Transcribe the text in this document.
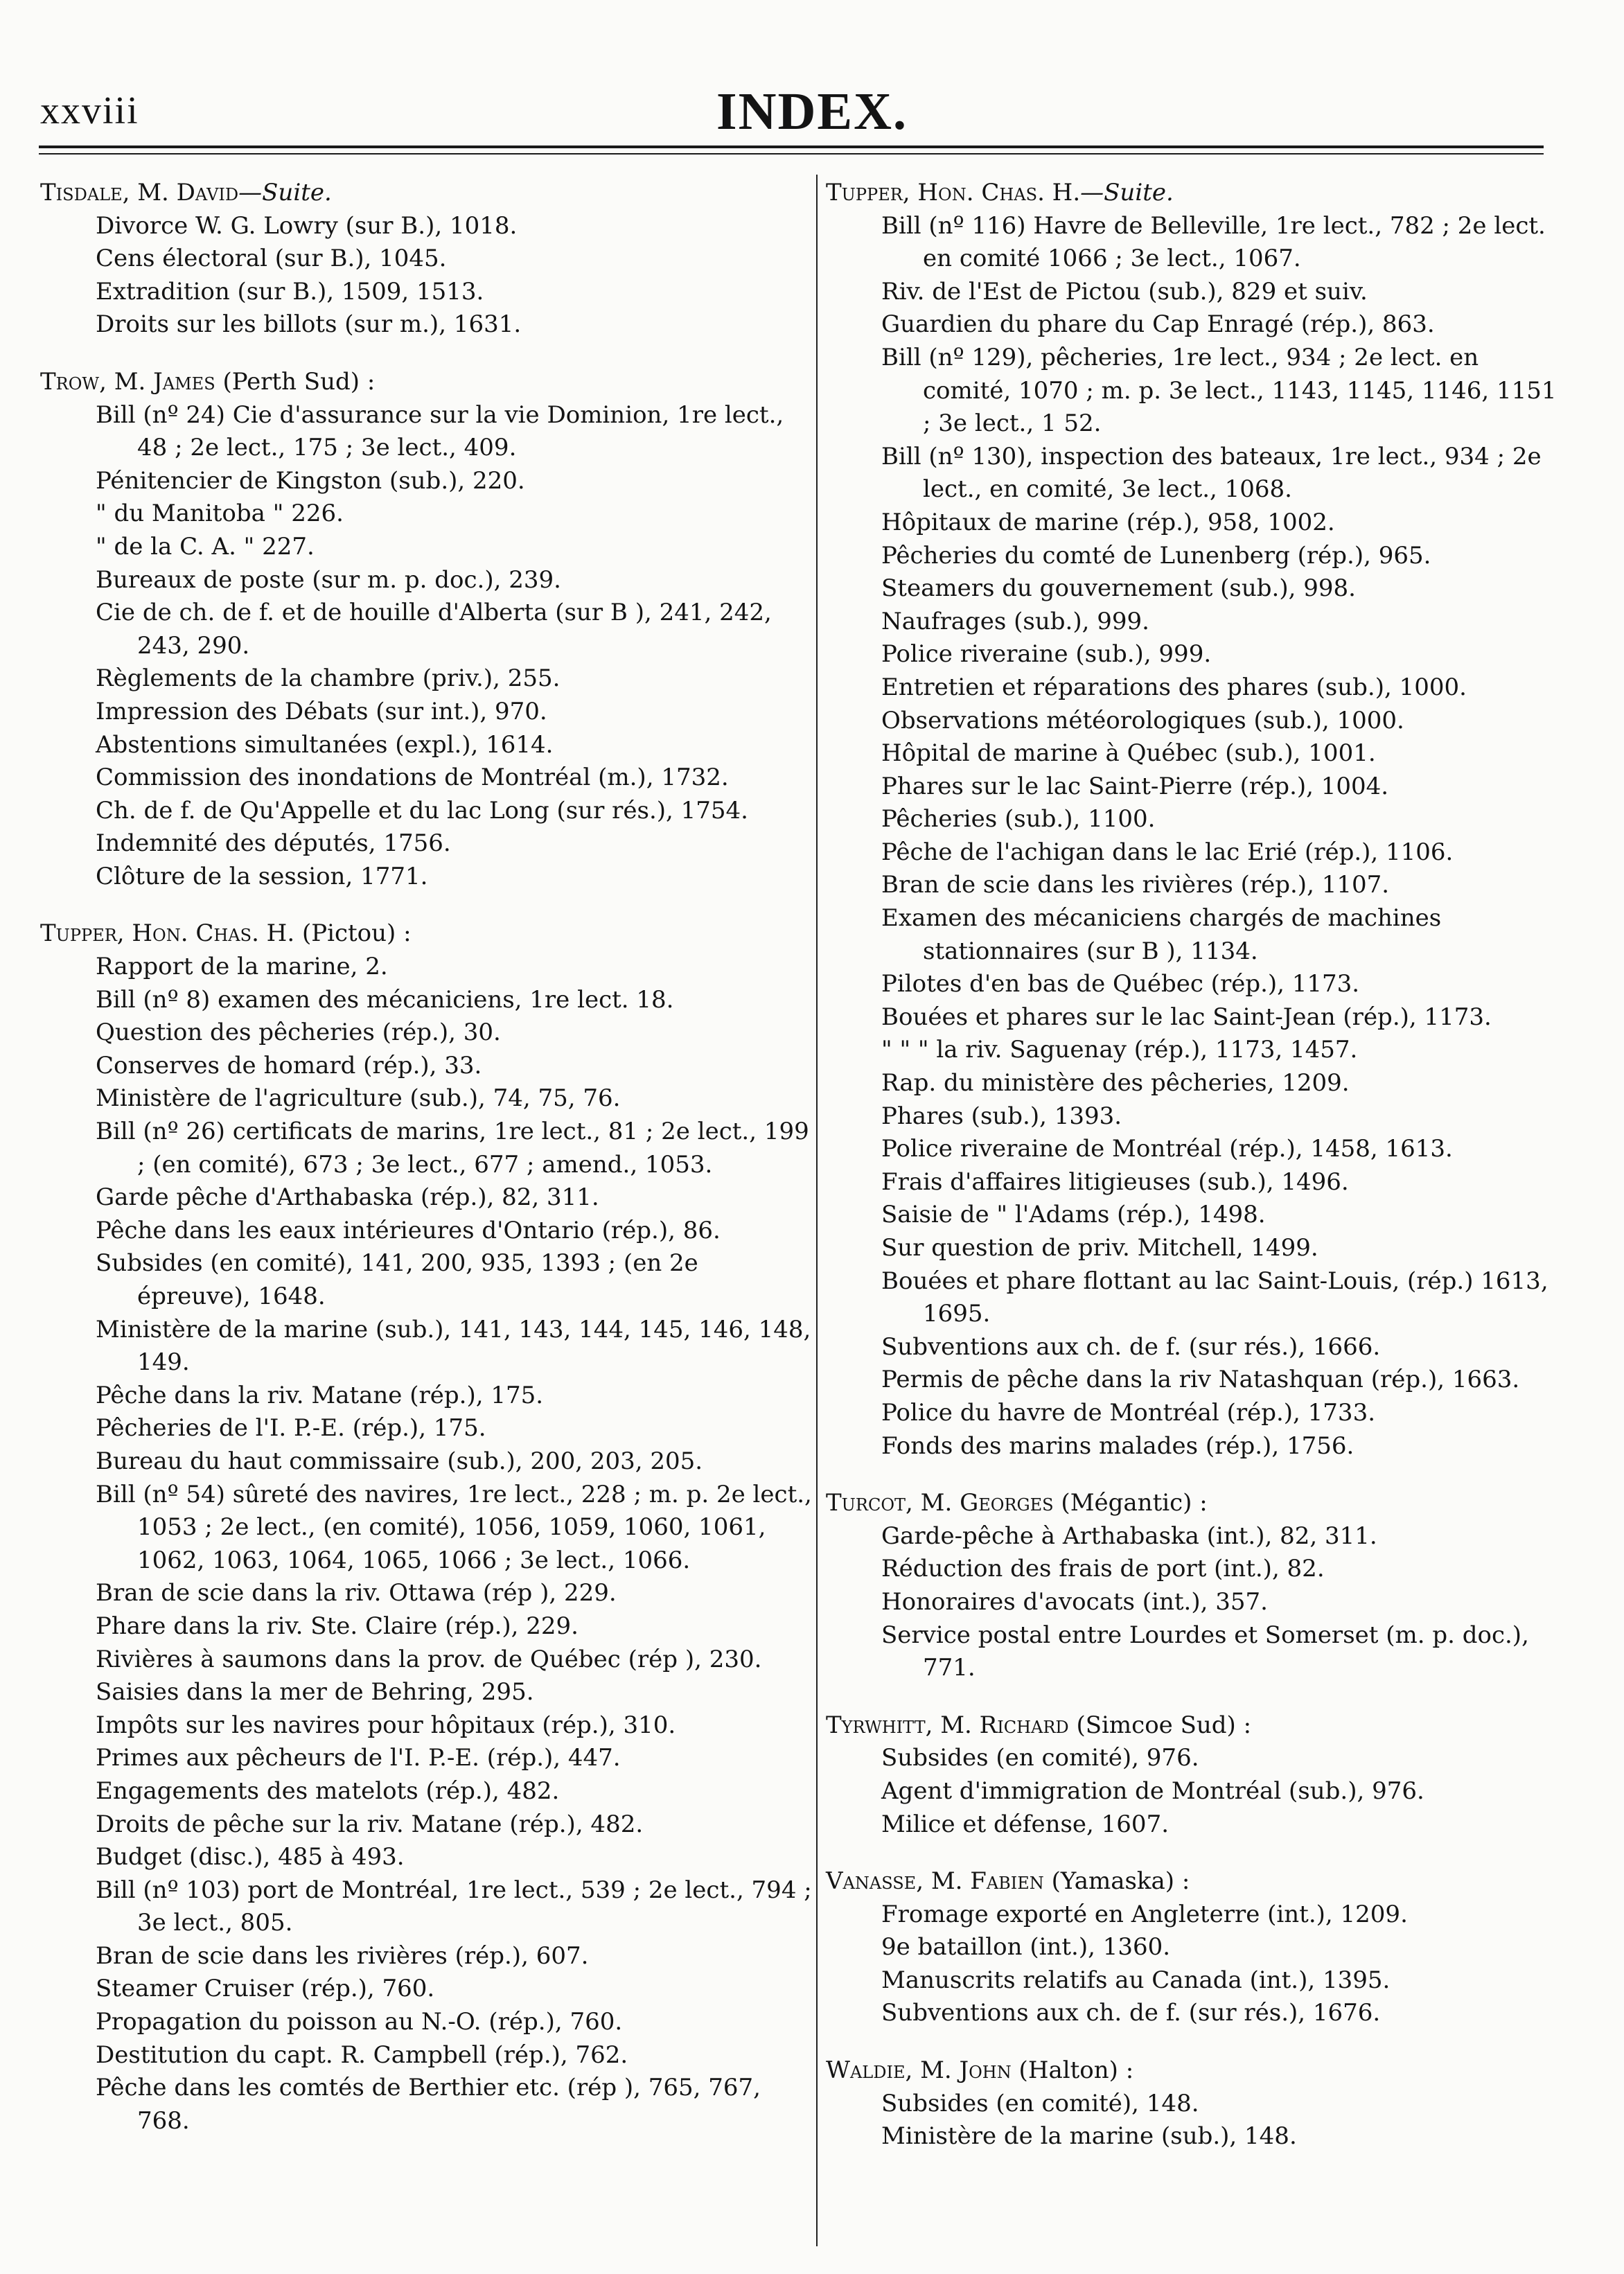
xxviii	INDEX.
Tisdale, M. David—Suite.
Divorce W. G. Lowry (sur B.), 1018.
Cens électoral (sur B.), 1045.
Extradition (sur B.), 1509, 1513.
Droits sur les billots (sur m.), 1631.
Trow, M. James (Perth Sud) :
Bill (nº 24) Cie d'assurance sur la vie Dominion, 1re lect., 48 ; 2e lect., 175 ; 3e lect., 409.
Pénitencier de Kingston (sub.), 220.
" du Manitoba " 226.
" de la C. A. " 227.
Bureaux de poste (sur m. p. doc.), 239.
Cie de ch. de f. et de houille d'Alberta (sur B ), 241, 242, 243, 290.
Règlements de la chambre (priv.), 255.
Impression des Débats (sur int.), 970.
Abstentions simultanées (expl.), 1614.
Commission des inondations de Montréal (m.), 1732.
Ch. de f. de Qu'Appelle et du lac Long (sur rés.), 1754.
Indemnité des députés, 1756.
Clôture de la session, 1771.
Tupper, Hon. Chas. H. (Pictou) :
Rapport de la marine, 2.
Bill (nº 8) examen des mécaniciens, 1re lect. 18.
Question des pêcheries (rép.), 30.
Conserves de homard (rép.), 33.
Ministère de l'agriculture (sub.), 74, 75, 76.
Bill (nº 26) certificats de marins, 1re lect., 81 ; 2e lect., 199 ; (en comité), 673 ; 3e lect., 677 ; amend., 1053.
Garde pêche d'Arthabaska (rép.), 82, 311.
Pêche dans les eaux intérieures d'Ontario (rép.), 86.
Subsides (en comité), 141, 200, 935, 1393 ; (en 2e épreuve), 1648.
Ministère de la marine (sub.), 141, 143, 144, 145, 146, 148, 149.
Pêche dans la riv. Matane (rép.), 175.
Pêcheries de l'I. P.-E. (rép.), 175.
Bureau du haut commissaire (sub.), 200, 203, 205.
Bill (nº 54) sûreté des navires, 1re lect., 228 ; m. p. 2e lect., 1053 ; 2e lect., (en comité), 1056, 1059, 1060, 1061, 1062, 1063, 1064, 1065, 1066 ; 3e lect., 1066.
Bran de scie dans la riv. Ottawa (rép ), 229.
Phare dans la riv. Ste. Claire (rép.), 229.
Rivières à saumons dans la prov. de Québec (rép ), 230.
Saisies dans la mer de Behring, 295.
Impôts sur les navires pour hôpitaux (rép.), 310.
Primes aux pêcheurs de l'I. P.-E. (rép.), 447.
Engagements des matelots (rép.), 482.
Droits de pêche sur la riv. Matane (rép.), 482.
Budget (disc.), 485 à 493.
Bill (nº 103) port de Montréal, 1re lect., 539 ; 2e lect., 794 ; 3e lect., 805.
Bran de scie dans les rivières (rép.), 607.
Steamer Cruiser (rép.), 760.
Propagation du poisson au N.-O. (rép.), 760.
Destitution du capt. R. Campbell (rép.), 762.
Pêche dans les comtés de Berthier etc. (rép ), 765, 767, 768.
Tupper, Hon. Chas. H.—Suite.
Bill (nº 116) Havre de Belleville, 1re lect., 782 ; 2e lect. en comité 1066 ; 3e lect., 1067.
Riv. de l'Est de Pictou (sub.), 829 et suiv.
Guardien du phare du Cap Enragé (rép.), 863.
Bill (nº 129), pêcheries, 1re lect., 934 ; 2e lect. en comité, 1070 ; m. p. 3e lect., 1143, 1145, 1146, 1151 ; 3e lect., 1 52.
Bill (nº 130), inspection des bateaux, 1re lect., 934 ; 2e lect., en comité, 3e lect., 1068.
Hôpitaux de marine (rép.), 958, 1002.
Pêcheries du comté de Lunenberg (rép.), 965.
Steamers du gouvernement (sub.), 998.
Naufrages (sub.), 999.
Police riveraine (sub.), 999.
Entretien et réparations des phares (sub.), 1000.
Observations météorologiques (sub.), 1000.
Hôpital de marine à Québec (sub.), 1001.
Phares sur le lac Saint-Pierre (rép.), 1004.
Pêcheries (sub.), 1100.
Pêche de l'achigan dans le lac Erié (rép.), 1106.
Bran de scie dans les rivières (rép.), 1107.
Examen des mécaniciens chargés de machines stationnaires (sur B ), 1134.
Pilotes d'en bas de Québec (rép.), 1173.
Bouées et phares sur le lac Saint-Jean (rép.), 1173.
" " " la riv. Saguenay (rép.), 1173, 1457.
Rap. du ministère des pêcheries, 1209.
Phares (sub.), 1393.
Police riveraine de Montréal (rép.), 1458, 1613.
Frais d'affaires litigieuses (sub.), 1496.
Saisie de " l'Adams (rép.), 1498.
Sur question de priv. Mitchell, 1499.
Bouées et phare flottant au lac Saint-Louis, (rép.) 1613, 1695.
Subventions aux ch. de f. (sur rés.), 1666.
Permis de pêche dans la riv Natashquan (rép.), 1663.
Police du havre de Montréal (rép.), 1733.
Fonds des marins malades (rép.), 1756.
Turcot, M. Georges (Mégantic) :
Garde-pêche à Arthabaska (int.), 82, 311.
Réduction des frais de port (int.), 82.
Honoraires d'avocats (int.), 357.
Service postal entre Lourdes et Somerset (m. p. doc.), 771.
Tyrwhitt, M. Richard (Simcoe Sud) :
Subsides (en comité), 976.
Agent d'immigration de Montréal (sub.), 976.
Milice et défense, 1607.
Vanasse, M. Fabien (Yamaska) :
Fromage exporté en Angleterre (int.), 1209.
9e bataillon (int.), 1360.
Manuscrits relatifs au Canada (int.), 1395.
Subventions aux ch. de f. (sur rés.), 1676.
Waldie, M. John (Halton) :
Subsides (en comité), 148.
Ministère de la marine (sub.), 148.
